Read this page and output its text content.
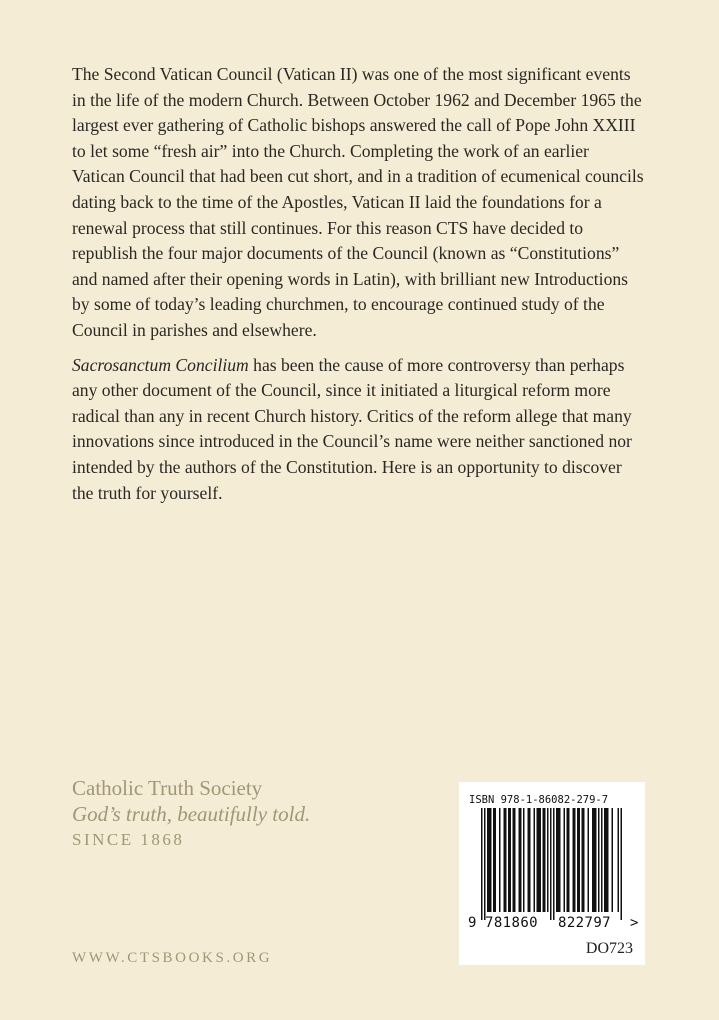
The Second Vatican Council (Vatican II) was one of the most significant events in the life of the modern Church. Between October 1962 and December 1965 the largest ever gathering of Catholic bishops answered the call of Pope John XXIII to let some “fresh air” into the Church. Completing the work of an earlier Vatican Council that had been cut short, and in a tradition of ecumenical councils dating back to the time of the Apostles, Vatican II laid the foundations for a renewal process that still continues. For this reason CTS have decided to republish the four major documents of the Council (known as “Constitutions” and named after their opening words in Latin), with brilliant new Introductions by some of today’s leading churchmen, to encourage continued study of the Council in parishes and elsewhere.

Sacrosanctum Concilium has been the cause of more controversy than perhaps any other document of the Council, since it initiated a liturgical reform more radical than any in recent Church history. Critics of the reform allege that many innovations since introduced in the Council’s name were neither sanctioned nor intended by the authors of the Constitution. Here is an opportunity to discover the truth for yourself.

Catholic Truth Society
God’s truth, beautifully told.
SINCE 1868
WWW.CTSBOOKS.ORG
ISBN 978-1-86082-279-7
9 781860 822797 >
DO723
